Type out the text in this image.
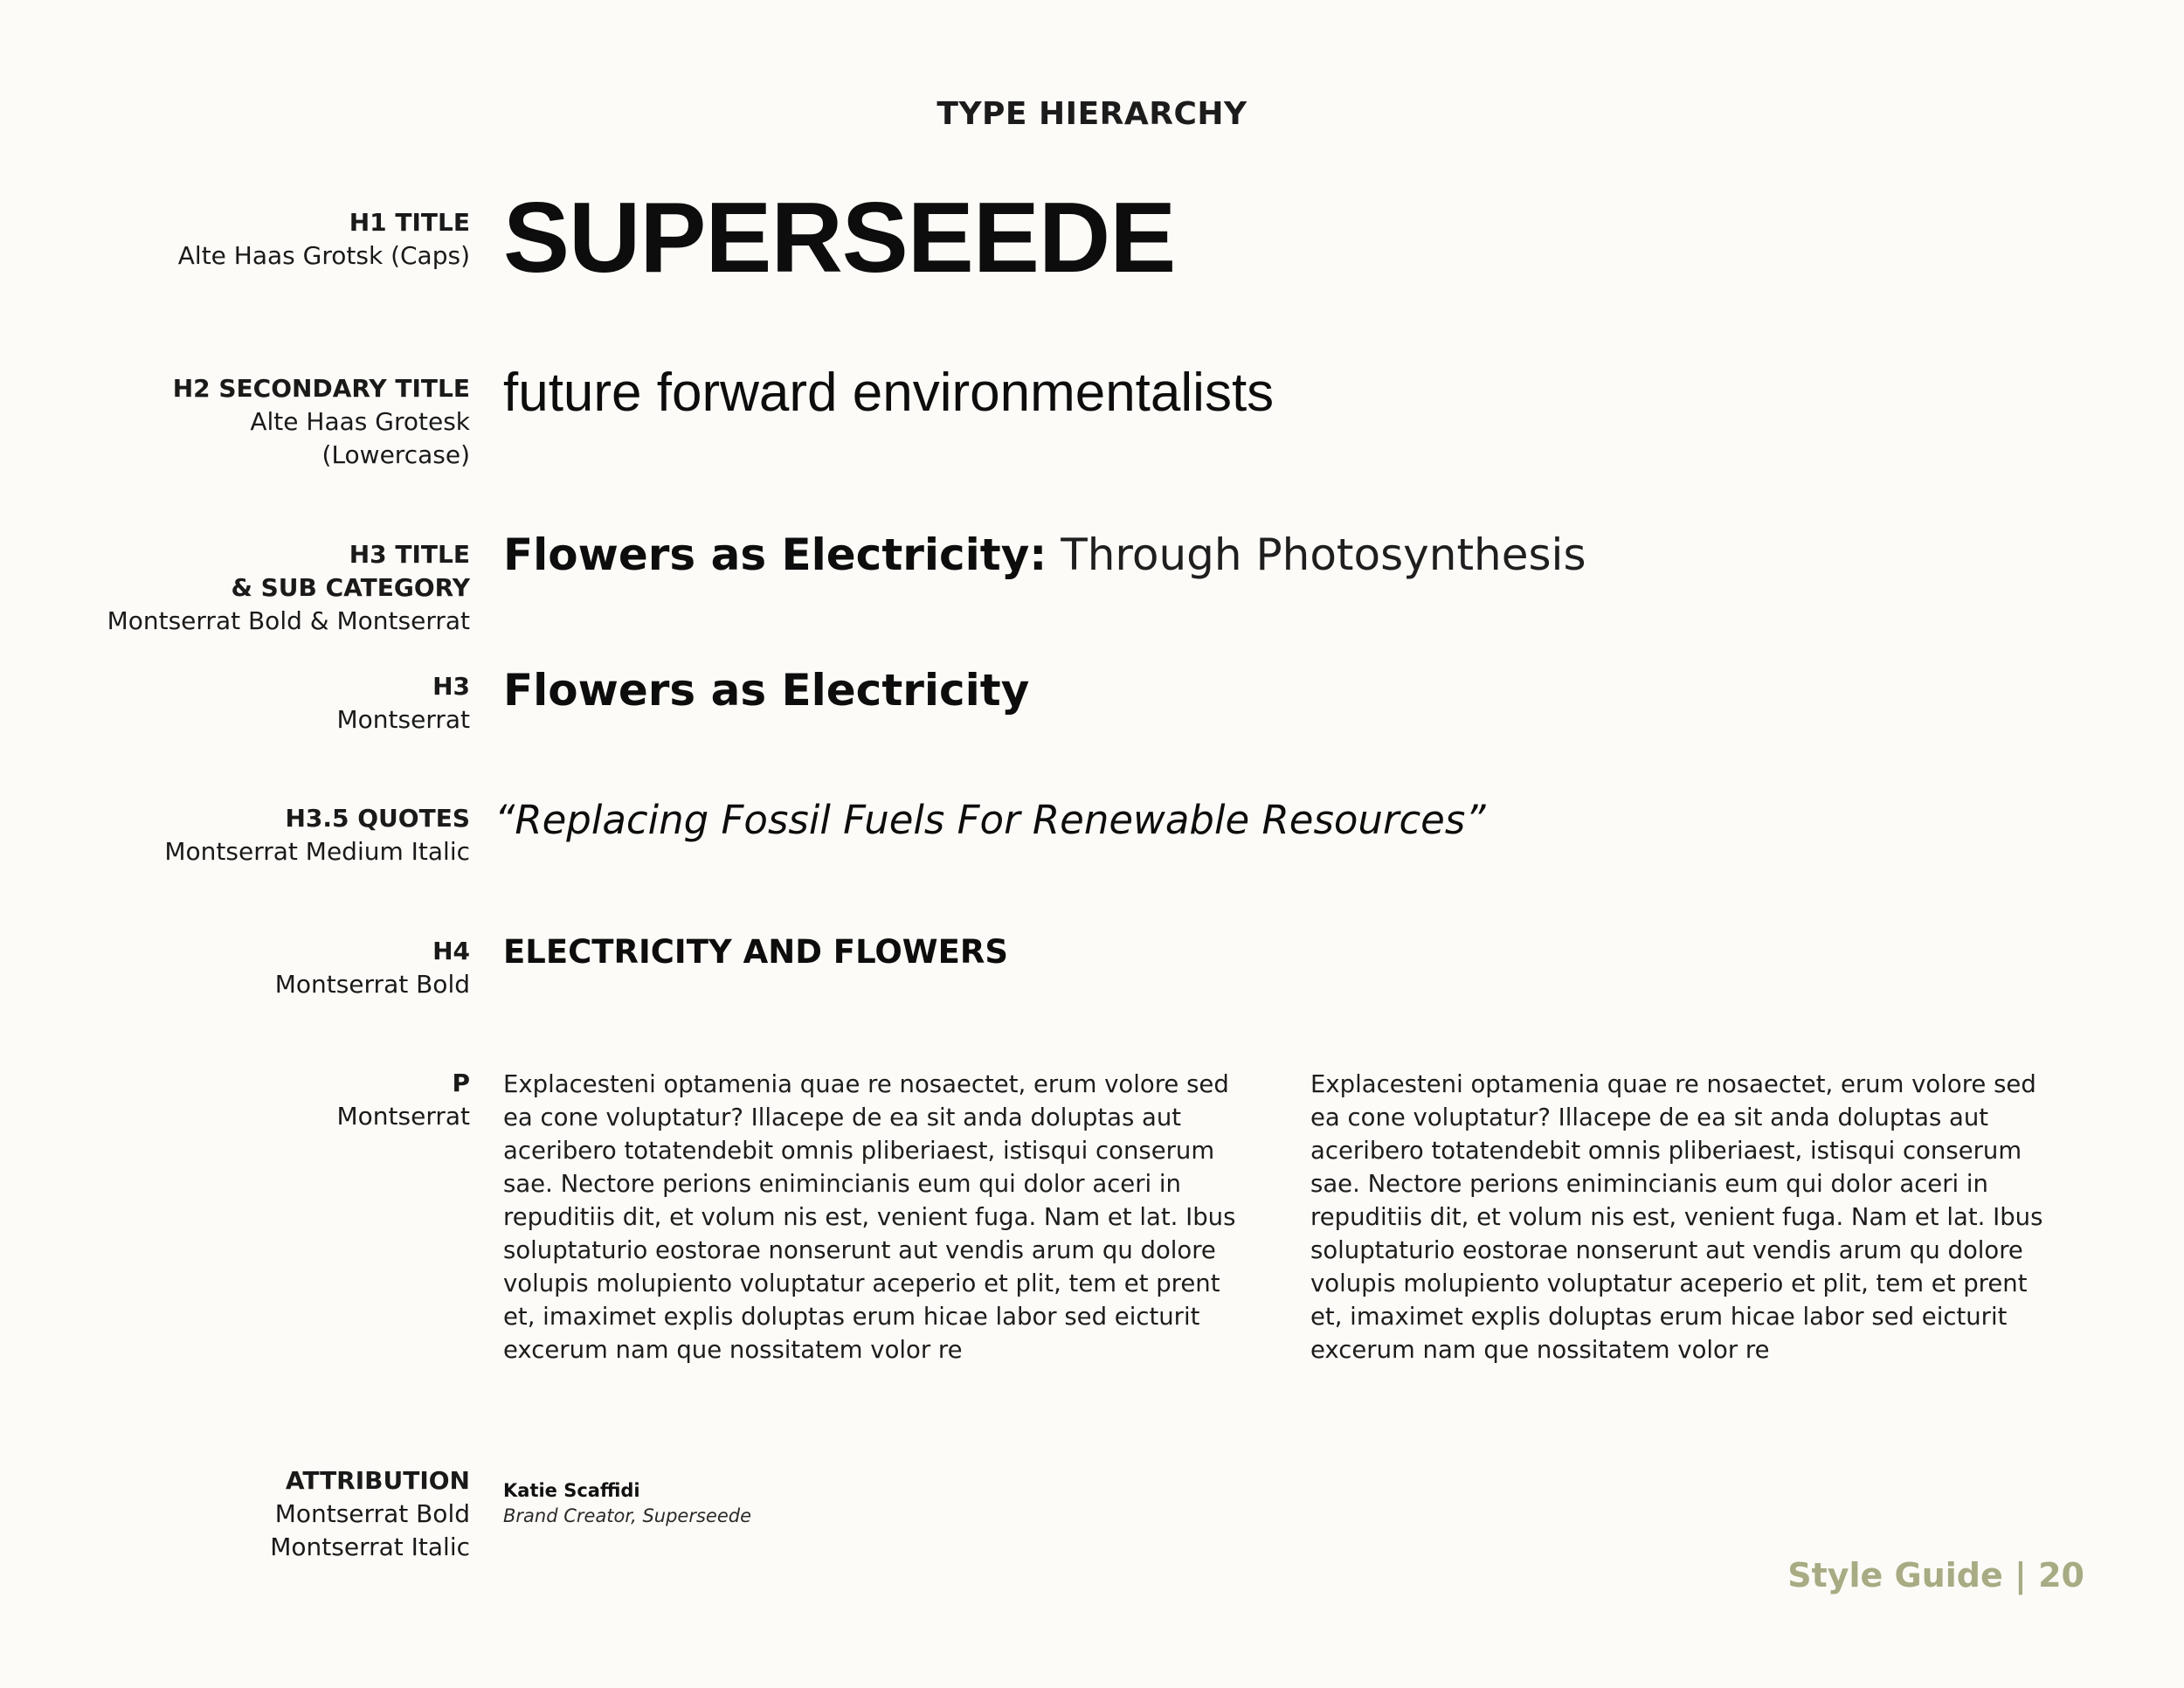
TYPE HIERARCHY
H1 TITLE
Alte Haas Grotsk (Caps) SUPERSEEDE
H2 SECONDARY TITLE
Alte Haas Grotesk
(Lowercase)
future forward environmentalists
H3 TITLE
& SUB CATEGORY
Montserrat Bold & Montserrat
Flowers as Electricity: Through Photosynthesis
H3
Montserrat
Flowers as Electricity
H3.5 QUOTES
Montserrat Medium Italic
“Replacing Fossil Fuels For Renewable Resources”
H4
Montserrat Bold
ELECTRICITY AND FLOWERS
P
Montserrat
Explacesteni optamenia quae re nosaectet, erum volore sed
ea cone voluptatur? Illacepe de ea sit anda doluptas aut
aceribero totatendebit omnis pliberiaest, istisqui conserum
sae. Nectore perions enimincianis eum qui dolor aceri in
repuditiis dit, et volum nis est, venient fuga. Nam et lat. Ibus
soluptaturio eostorae nonserunt aut vendis arum qu dolore
volupis molupiento voluptatur aceperio et plit, tem et prent
et, imaximet explis doluptas erum hicae labor sed eicturit
excerum nam que nossitatem volor re
Explacesteni optamenia quae re nosaectet, erum volore sed
ea cone voluptatur? Illacepe de ea sit anda doluptas aut
aceribero totatendebit omnis pliberiaest, istisqui conserum
sae. Nectore perions enimincianis eum qui dolor aceri in
repuditiis dit, et volum nis est, venient fuga. Nam et lat. Ibus
soluptaturio eostorae nonserunt aut vendis arum qu dolore
volupis molupiento voluptatur aceperio et plit, tem et prent
et, imaximet explis doluptas erum hicae labor sed eicturit
excerum nam que nossitatem volor re
ATTRIBUTION
Montserrat Bold
Montserrat Italic
Katie Scaffidi
Brand Creator, Superseede
Style Guide | 20
